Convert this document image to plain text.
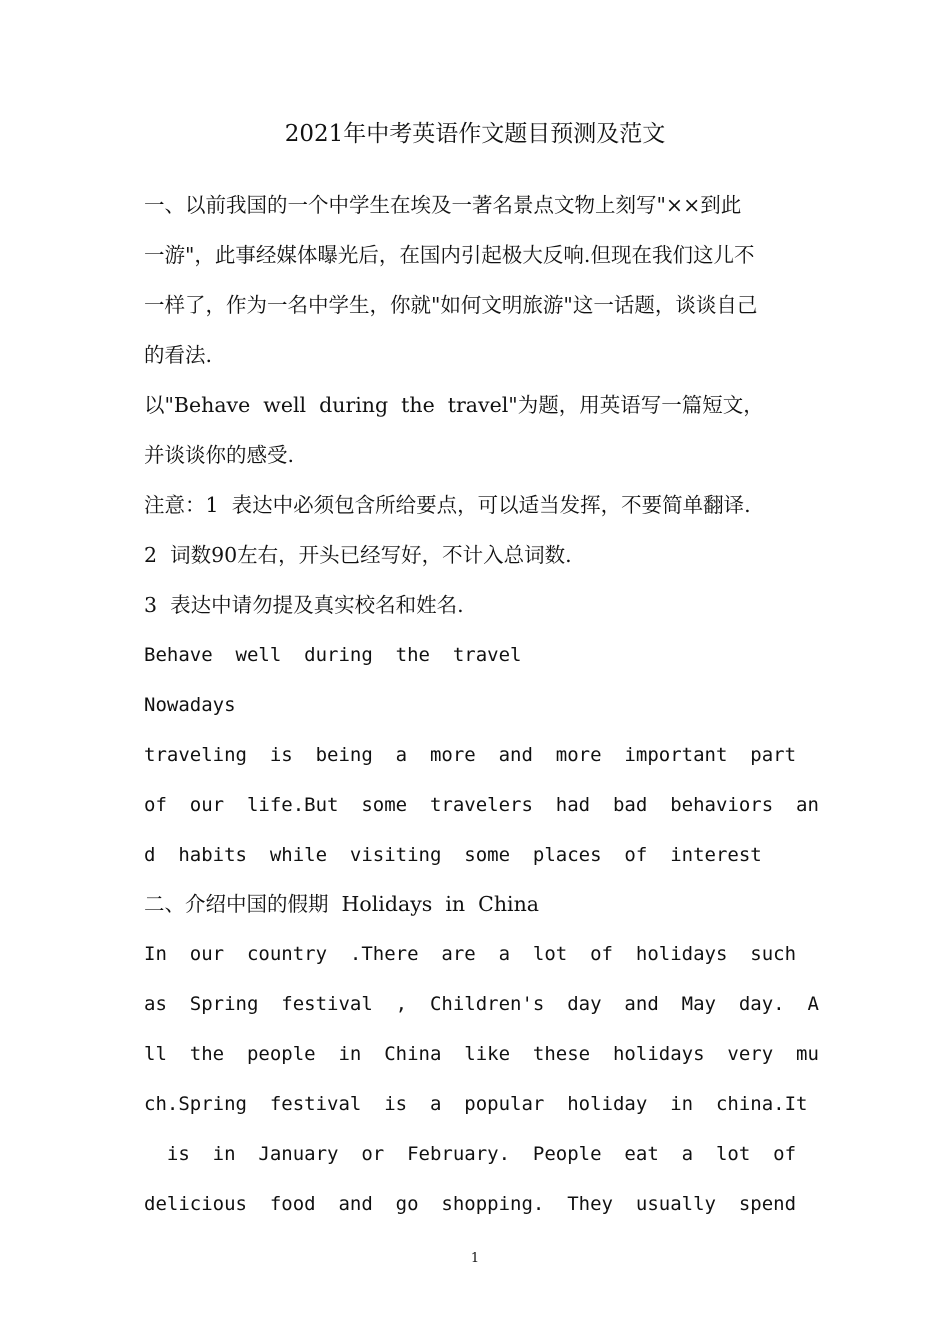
2021年中考英语作文题目预测及范文
一、以前我国的一个中学生在埃及一著名景点文物上刻写"××到此
一游"，此事经媒体曝光后，在国内引起极大反响.但现在我们这儿不
一样了，作为一名中学生，你就"如何文明旅游"这一话题，谈谈自己
的看法.
以"Behave  well  during  the  travel"为题，用英语写一篇短文，
并谈谈你的感受.
注意：1  表达中必须包含所给要点，可以适当发挥，不要简单翻译.
2  词数90左右，开头已经写好，不计入总词数.
3  表达中请勿提及真实校名和姓名.
Behave  well  during  the  travel
Nowadays
traveling  is  being  a  more  and  more  important  part
of  our  life.But  some  travelers  had  bad  behaviors  an
d  habits  while  visiting  some  places  of  interest
二、介绍中国的假期  Holidays  in  China
In  our  country  .There  are  a  lot  of  holidays  such
as  Spring  festival  ,  Children's  day  and  May  day.  A
ll  the  people  in  China  like  these  holidays  very  mu
ch.Spring  festival  is  a  popular  holiday  in  china.It
is  in  January  or  February.  People  eat  a  lot  of
delicious  food  and  go  shopping.  They  usually  spend
1
